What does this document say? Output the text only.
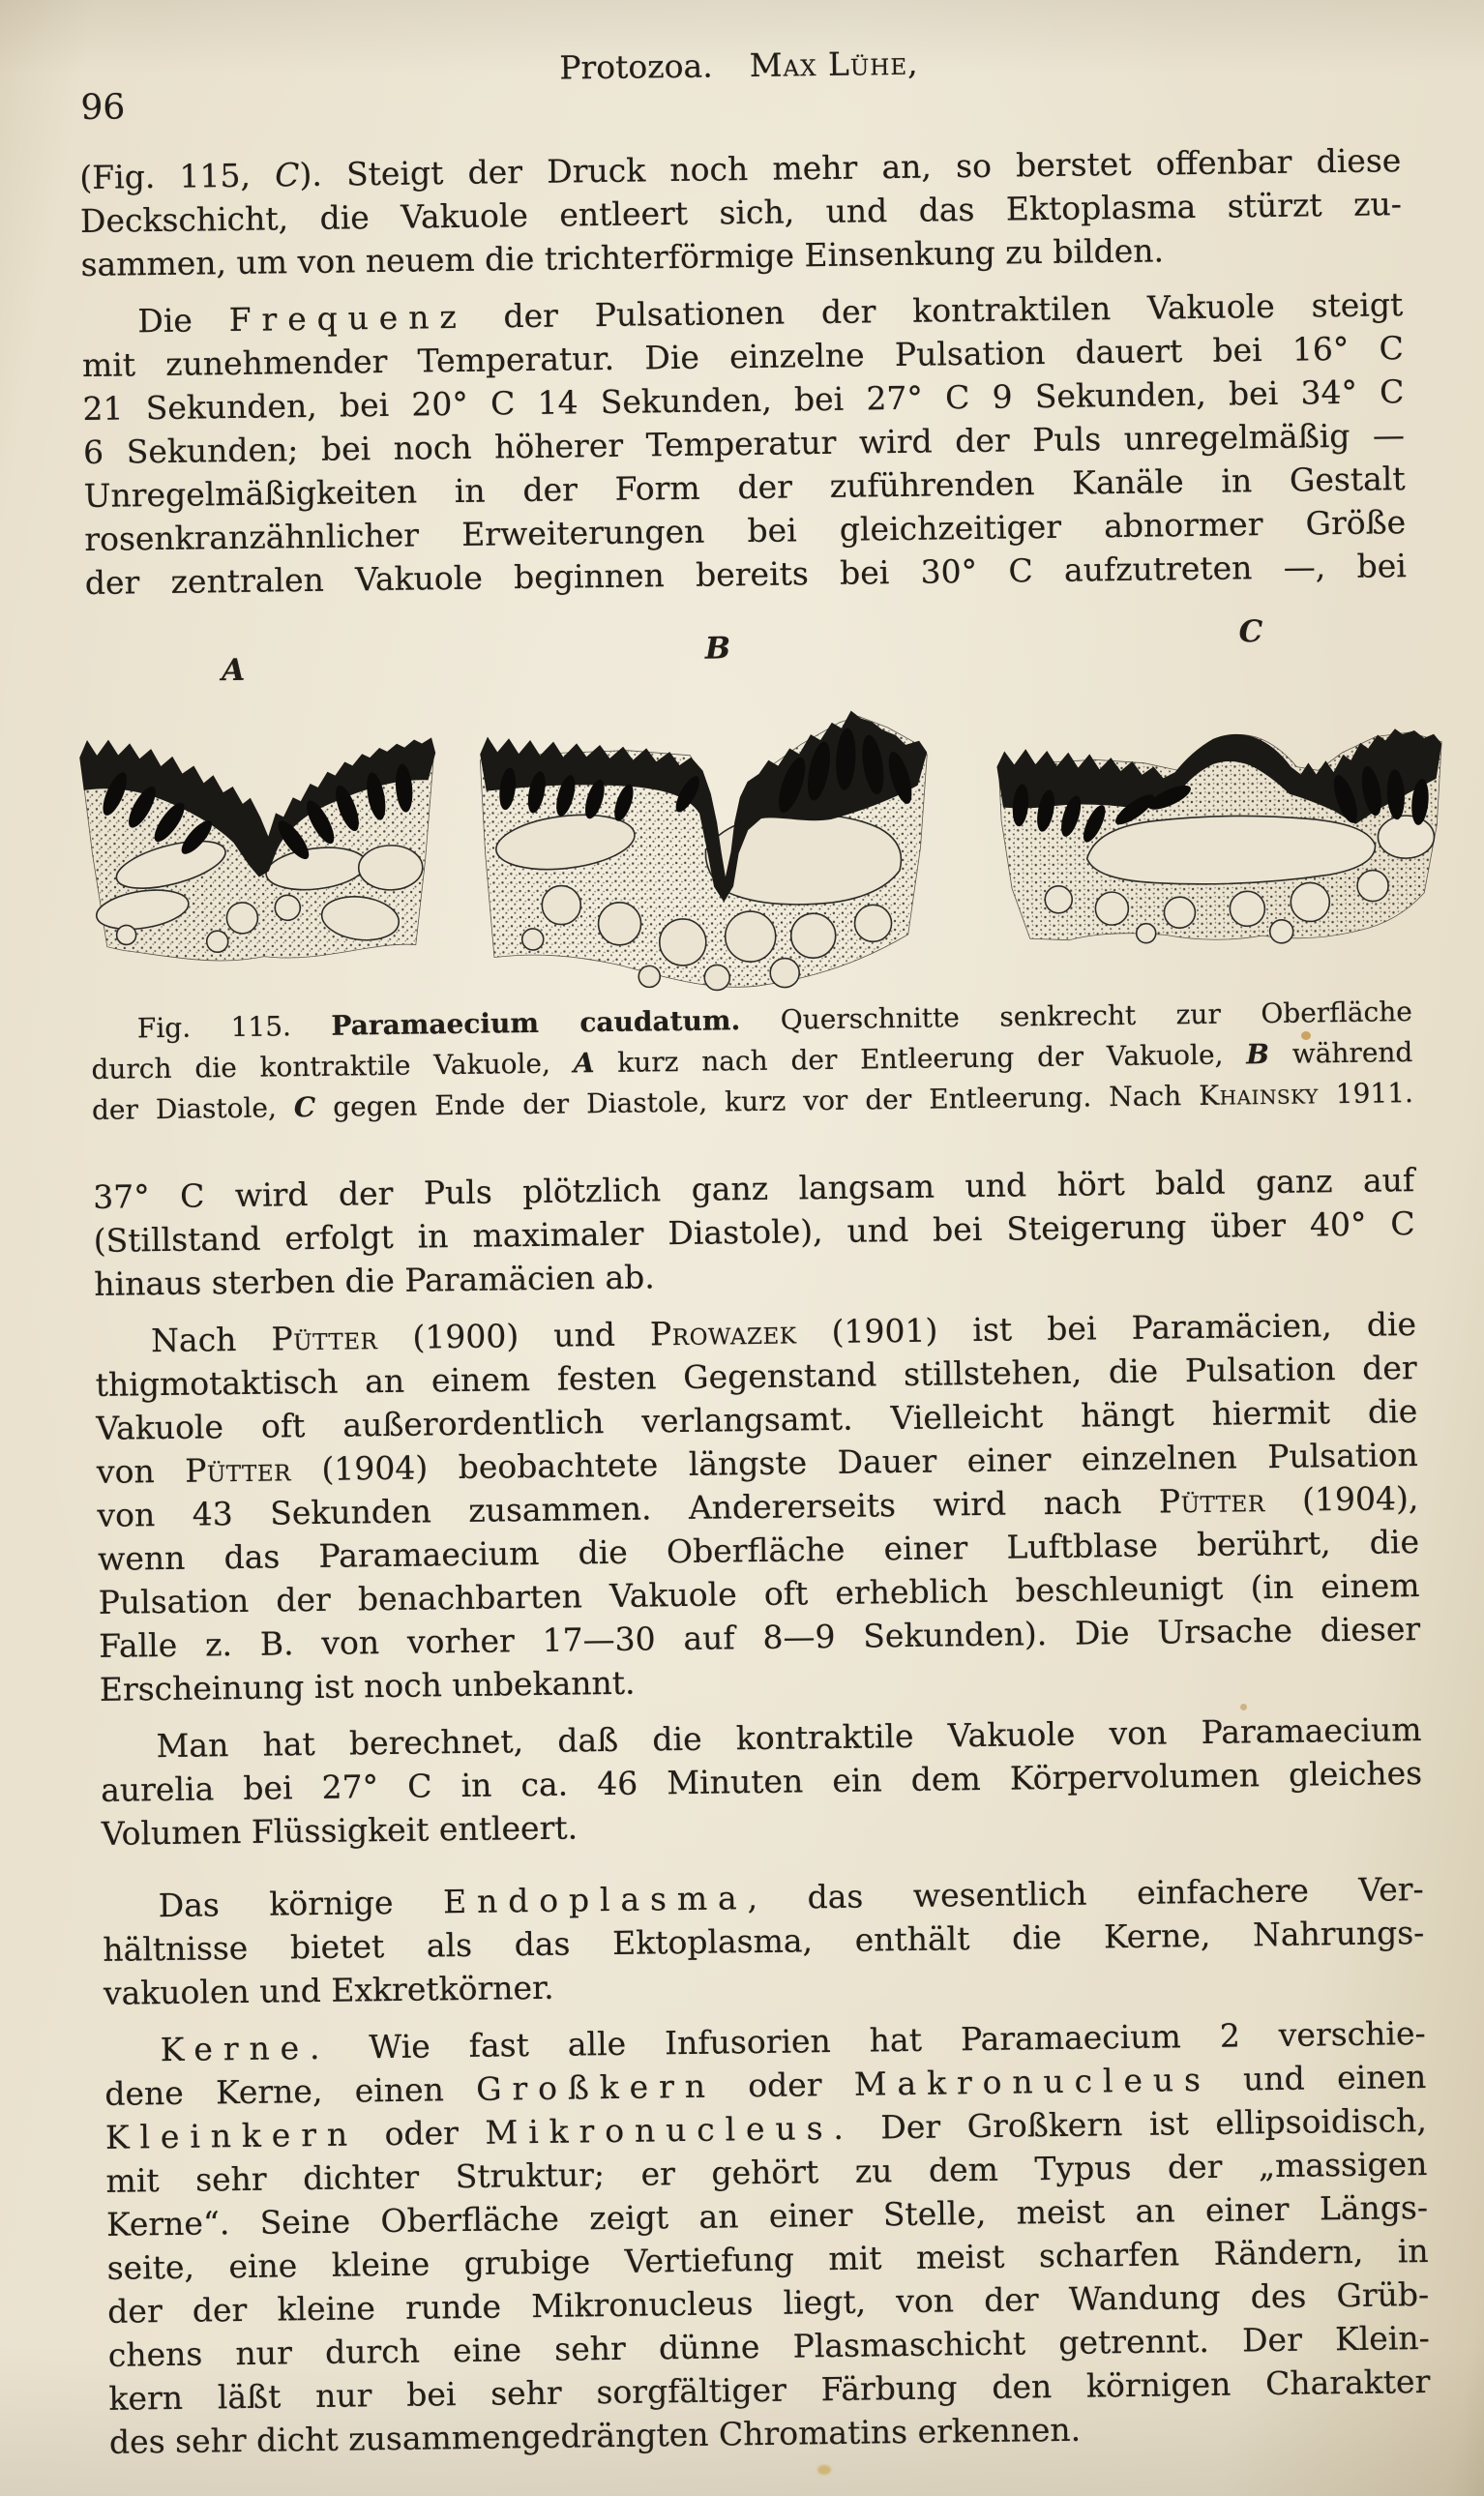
96
Protozoa. Max Lühe,
(Fig. 115, C). Steigt der Druck noch mehr an, so berstet offenbar diese
Deckschicht, die Vakuole entleert sich, und das Ektoplasma stürzt zu-
sammen, um von neuem die trichterförmige Einsenkung zu bilden.
Die Frequenz der Pulsationen der kontraktilen Vakuole steigt
mit zunehmender Temperatur. Die einzelne Pulsation dauert bei 16° C
21 Sekunden, bei 20° C 14 Sekunden, bei 27° C 9 Sekunden, bei 34° C
6 Sekunden; bei noch höherer Temperatur wird der Puls unregelmäßig —
Unregelmäßigkeiten in der Form der zuführenden Kanäle in Gestalt
rosenkranzähnlicher Erweiterungen bei gleichzeitiger abnormer Größe
der zentralen Vakuole beginnen bereits bei 30° C aufzutreten —, bei
A
B	C
Fig. 115. Paramaecium caudatum. Querschnitte senkrecht zur Oberfläche
durch die kontraktile Vakuole, A kurz nach der Entleerung der Vakuole, B während
der Diastole, C gegen Ende der Diastole, kurz vor der Entleerung. Nach Khainsky 1911.
37° C wird der Puls plötzlich ganz langsam und hört bald ganz auf
(Stillstand erfolgt in maximaler Diastole), und bei Steigerung über 40° C
hinaus sterben die Paramäcien ab.
Nach Pütter (1900) und Prowazek (1901) ist bei Paramäcien, die
thigmotaktisch an einem festen Gegenstand stillstehen, die Pulsation der
Vakuole oft außerordentlich verlangsamt. Vielleicht hängt hiermit die
von Pütter (1904) beobachtete längste Dauer einer einzelnen Pulsation
von 43 Sekunden zusammen. Andererseits wird nach Pütter (1904),
wenn das Paramaecium die Oberfläche einer Luftblase berührt, die
Pulsation der benachbarten Vakuole oft erheblich beschleunigt (in einem
Falle z. B. von vorher 17—30 auf 8—9 Sekunden). Die Ursache dieser
Erscheinung ist noch unbekannt.
Man hat berechnet, daß die kontraktile Vakuole von Paramaecium
aurelia bei 27° C in ca. 46 Minuten ein dem Körpervolumen gleiches
Volumen Flüssigkeit entleert.
Das körnige Endoplasma, das wesentlich einfachere Ver-
hältnisse bietet als das Ektoplasma, enthält die Kerne, Nahrungs-
vakuolen und Exkretkörner.
Kerne. Wie fast alle Infusorien hat Paramaecium 2 verschie-
dene Kerne, einen Großkern oder Makronucleus und einen
Kleinkern oder Mikronucleus. Der Großkern ist ellipsoidisch,
mit sehr dichter Struktur; er gehört zu dem Typus der „massigen
Kerne“. Seine Oberfläche zeigt an einer Stelle, meist an einer Längs-
seite, eine kleine grubige Vertiefung mit meist scharfen Rändern, in
der der kleine runde Mikronucleus liegt, von der Wandung des Grüb-
chens nur durch eine sehr dünne Plasmaschicht getrennt. Der Klein-
kern läßt nur bei sehr sorgfältiger Färbung den körnigen Charakter
des sehr dicht zusammengedrängten Chromatins erkennen.
